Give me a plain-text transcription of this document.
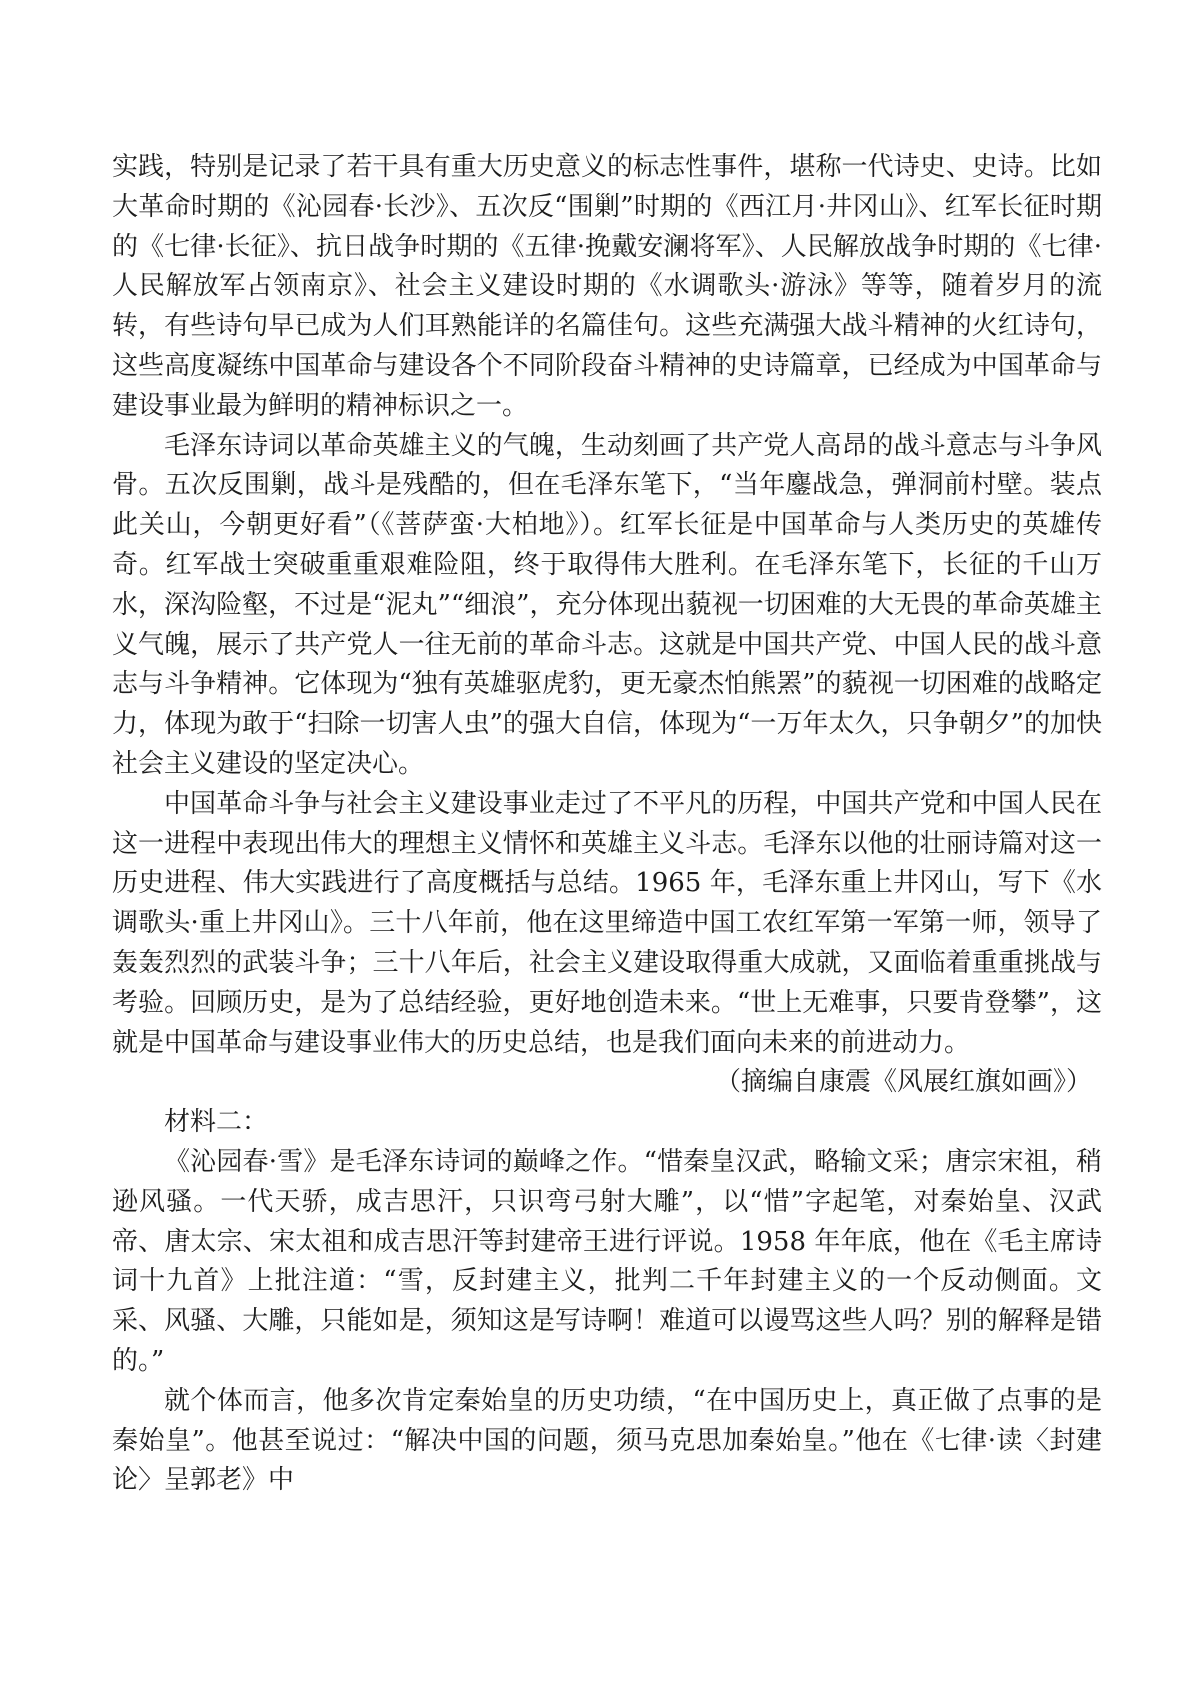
实践，特别是记录了若干具有重大历史意义的标志性事件，堪称一代诗史、史诗。比如大革命时期的《沁园春·长沙》、五次反“围剿”时期的《西江月·井冈山》、红军长征时期的《七律·长征》、抗日战争时期的《五律·挽戴安澜将军》、人民解放战争时期的《七律·人民解放军占领南京》、社会主义建设时期的《水调歌头·游泳》等等，随着岁月的流转，有些诗句早已成为人们耳熟能详的名篇佳句。这些充满强大战斗精神的火红诗句，这些高度凝练中国革命与建设各个不同阶段奋斗精神的史诗篇章，已经成为中国革命与建设事业最为鲜明的精神标识之一。

毛泽东诗词以革命英雄主义的气魄，生动刻画了共产党人高昂的战斗意志与斗争风骨。五次反围剿，战斗是残酷的，但在毛泽东笔下，“当年鏖战急，弹洞前村壁。装点此关山，今朝更好看”（《菩萨蛮·大柏地》）。红军长征是中国革命与人类历史的英雄传奇。红军战士突破重重艰难险阻，终于取得伟大胜利。在毛泽东笔下，长征的千山万水，深沟险壑，不过是“泥丸”“细浪”，充分体现出藐视一切困难的大无畏的革命英雄主义气魄，展示了共产党人一往无前的革命斗志。这就是中国共产党、中国人民的战斗意志与斗争精神。它体现为“独有英雄驱虎豹，更无豪杰怕熊罴”的藐视一切困难的战略定力，体现为敢于“扫除一切害人虫”的强大自信，体现为“一万年太久，只争朝夕”的加快社会主义建设的坚定决心。

中国革命斗争与社会主义建设事业走过了不平凡的历程，中国共产党和中国人民在这一进程中表现出伟大的理想主义情怀和英雄主义斗志。毛泽东以他的壮丽诗篇对这一历史进程、伟大实践进行了高度概括与总结。1965 年，毛泽东重上井冈山，写下《水调歌头·重上井冈山》。三十八年前，他在这里缔造中国工农红军第一军第一师，领导了轰轰烈烈的武装斗争；三十八年后，社会主义建设取得重大成就，又面临着重重挑战与考验。回顾历史，是为了总结经验，更好地创造未来。“世上无难事，只要肯登攀”，这就是中国革命与建设事业伟大的历史总结，也是我们面向未来的前进动力。

（摘编自康震《风展红旗如画》）

材料二：

《沁园春·雪》是毛泽东诗词的巅峰之作。“惜秦皇汉武，略输文采；唐宗宋祖，稍逊风骚。一代天骄，成吉思汗，只识弯弓射大雕”，以“惜”字起笔，对秦始皇、汉武帝、唐太宗、宋太祖和成吉思汗等封建帝王进行评说。1958 年年底，他在《毛主席诗词十九首》上批注道：“雪，反封建主义，批判二千年封建主义的一个反动侧面。文采、风骚、大雕，只能如是，须知这是写诗啊！难道可以谩骂这些人吗？别的解释是错的。”

就个体而言，他多次肯定秦始皇的历史功绩，“在中国历史上，真正做了点事的是秦始皇”。他甚至说过：“解决中国的问题，须马克思加秦始皇。”他在《七律·读〈封建论〉呈郭老》中
